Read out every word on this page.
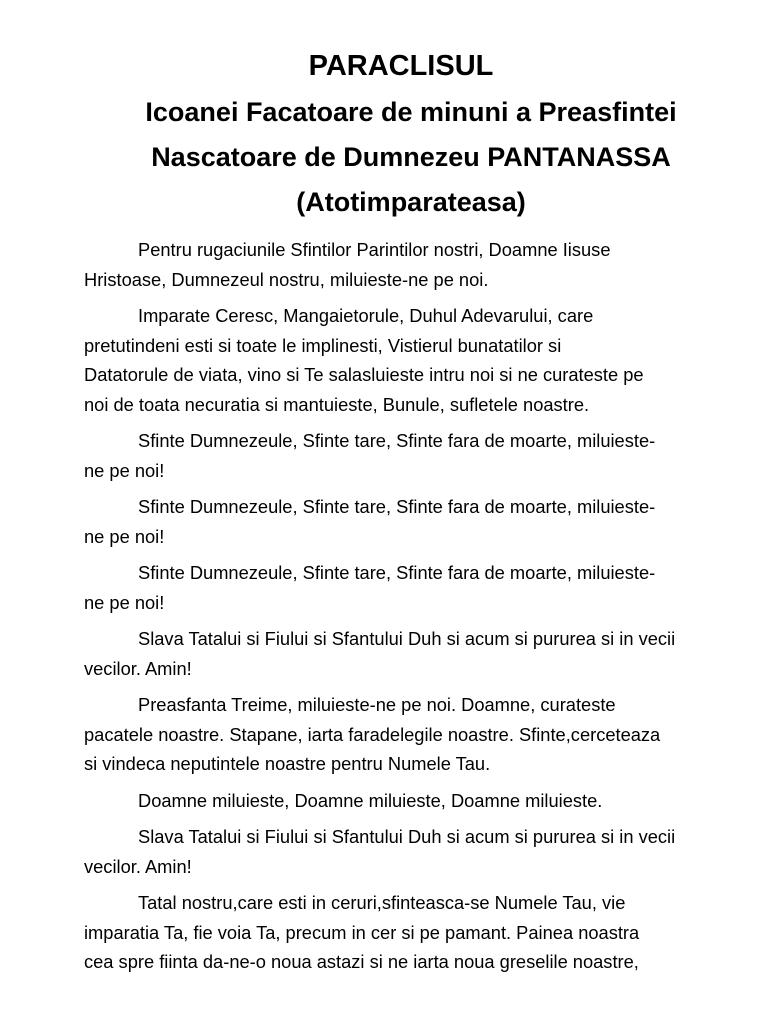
PARACLISUL
Icoanei Facatoare de minuni a Preasfintei
Nascatoare de Dumnezeu PANTANASSA
(Atotimparateasa)
Pentru rugaciunile Sfintilor Parintilor nostri, Doamne Iisuse
Hristoase, Dumnezeul nostru, miluieste-ne pe noi.
Imparate Ceresc, Mangaietorule, Duhul Adevarului, care
pretutindeni esti si toate le implinesti, Vistierul bunatatilor si
Datatorule de viata, vino si Te salasluieste intru noi si ne curateste pe
noi de toata necuratia si mantuieste, Bunule, sufletele noastre.
Sfinte Dumnezeule, Sfinte tare, Sfinte fara de moarte, miluieste-
ne pe noi!
Sfinte Dumnezeule, Sfinte tare, Sfinte fara de moarte, miluieste-
ne pe noi!
Sfinte Dumnezeule, Sfinte tare, Sfinte fara de moarte, miluieste-
ne pe noi!
Slava Tatalui si Fiului si Sfantului Duh si acum si pururea si in vecii
vecilor. Amin!
Preasfanta Treime, miluieste-ne pe noi. Doamne, curateste
pacatele noastre. Stapane, iarta faradelegile noastre. Sfinte,cerceteaza
si vindeca neputintele noastre pentru Numele Tau.
Doamne miluieste, Doamne miluieste, Doamne miluieste.
Slava Tatalui si Fiului si Sfantului Duh si acum si pururea si in vecii
vecilor. Amin!
Tatal nostru,care esti in ceruri,sfinteasca-se Numele Tau, vie
imparatia Ta, fie voia Ta, precum in cer si pe pamant. Painea noastra
cea spre fiinta da-ne-o noua astazi si ne iarta noua greselile noastre,
